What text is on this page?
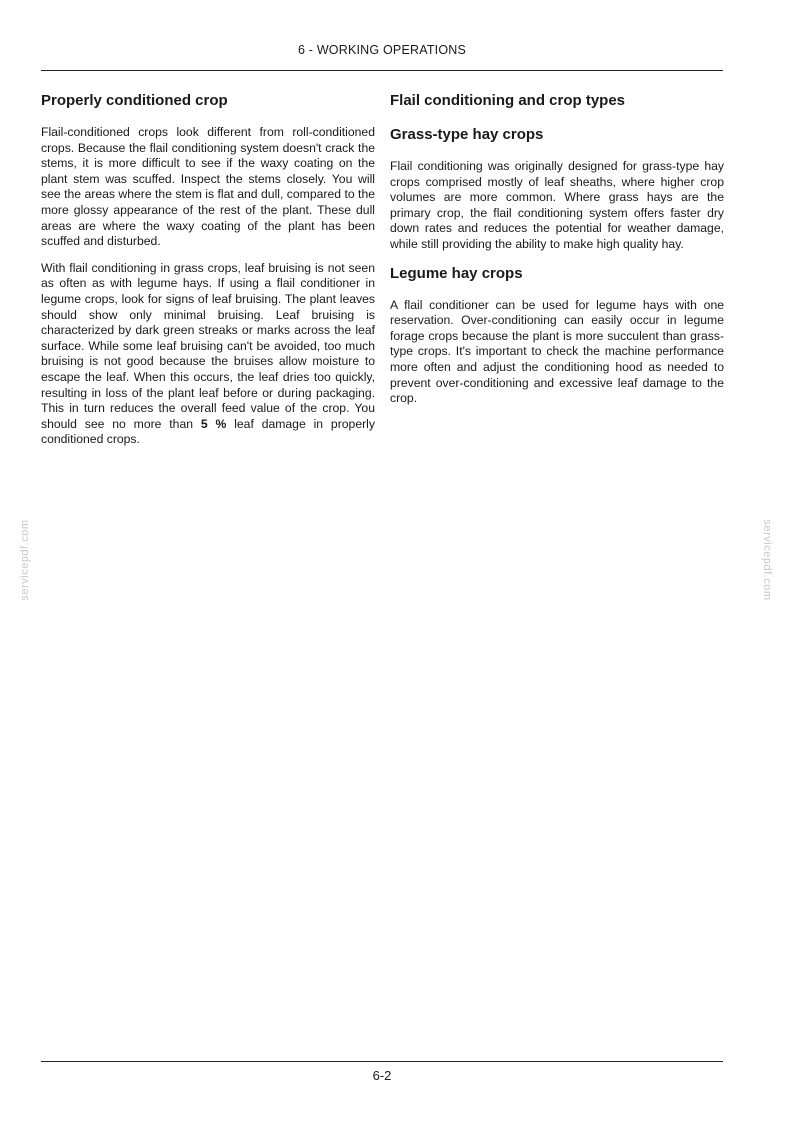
6 - WORKING OPERATIONS
Properly conditioned crop

Flail-conditioned crops look different from roll-conditioned crops. Because the flail conditioning system doesn't crack the stems, it is more difficult to see if the waxy coating on the plant stem was scuffed. Inspect the stems closely. You will see the areas where the stem is flat and dull, compared to the more glossy appearance of the rest of the plant. These dull areas are where the waxy coating of the plant has been scuffed and disturbed.

With flail conditioning in grass crops, leaf bruising is not seen as often as with legume hays. If using a flail conditioner in legume crops, look for signs of leaf bruising. The plant leaves should show only minimal bruising. Leaf bruising is characterized by dark green streaks or marks across the leaf surface. While some leaf bruising can't be avoided, too much bruising is not good because the bruises allow moisture to escape the leaf. When this occurs, the leaf dries too quickly, resulting in loss of the plant leaf before or during packaging. This in turn reduces the overall feed value of the crop. You should see no more than 5 % leaf damage in properly conditioned crops.

Flail conditioning and crop types
Grass-type hay crops

Flail conditioning was originally designed for grass-type hay crops comprised mostly of leaf sheaths, where higher crop volumes are more common. Where grass hays are the primary crop, the flail conditioning system offers faster dry down rates and reduces the potential for weather damage, while still providing the ability to make high quality hay.

Legume hay crops

A flail conditioner can be used for legume hays with one reservation. Over-conditioning can easily occur in legume forage crops because the plant is more succulent than grass-type crops. It's important to check the machine performance more often and adjust the conditioning hood as needed to prevent over-conditioning and excessive leaf damage to the crop.

servicepdf.com	servicepdf.com
6-2
